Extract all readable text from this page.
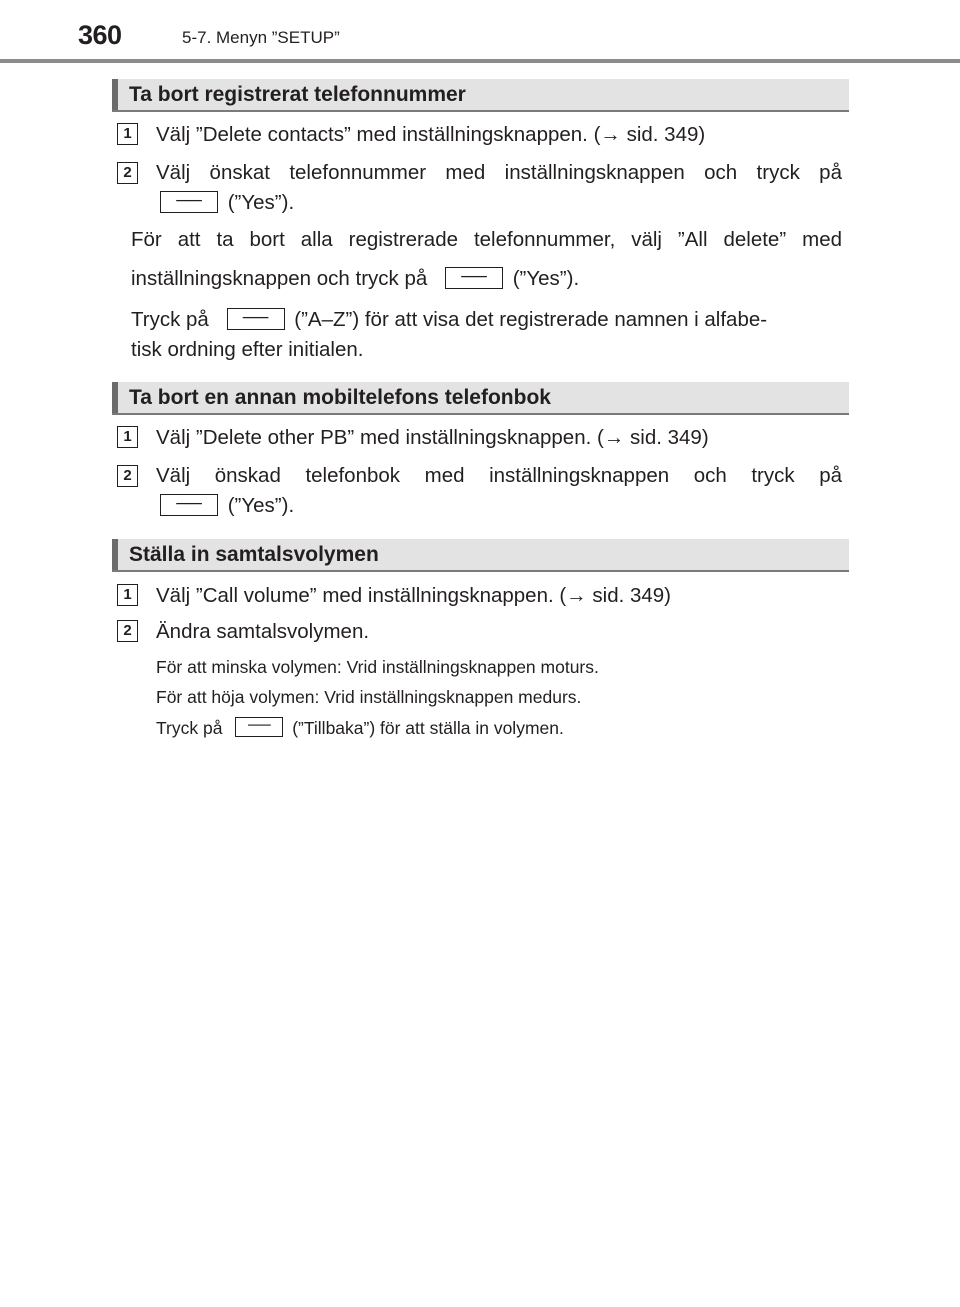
360	5-7. Menyn ”SETUP”
Ta bort registrerat telefonnummer
1	Välj ”Delete contacts” med inställningsknappen. (→ sid. 349)
2	Välj önskat telefonnummer med inställningsknappen och tryck på
── (”Yes”).
För att ta bort alla registrerade telefonnummer, välj ”All delete” med
inställningsknappen och tryck på ── (”Yes”).
Tryck på ── (”A–Z”) för att visa det registrerade namnen i alfabe-
tisk ordning efter initialen.
Ta bort en annan mobiltelefons telefonbok
1	Välj ”Delete other PB” med inställningsknappen. (→ sid. 349)
2	Välj önskad telefonbok med inställningsknappen och tryck på
── (”Yes”).
Ställa in samtalsvolymen
1	Välj ”Call volume” med inställningsknappen. (→ sid. 349)
2	Ändra samtalsvolymen.
För att minska volymen: Vrid inställningsknappen moturs.
För att höja volymen: Vrid inställningsknappen medurs.
Tryck på ── (”Tillbaka”) för att ställa in volymen.
